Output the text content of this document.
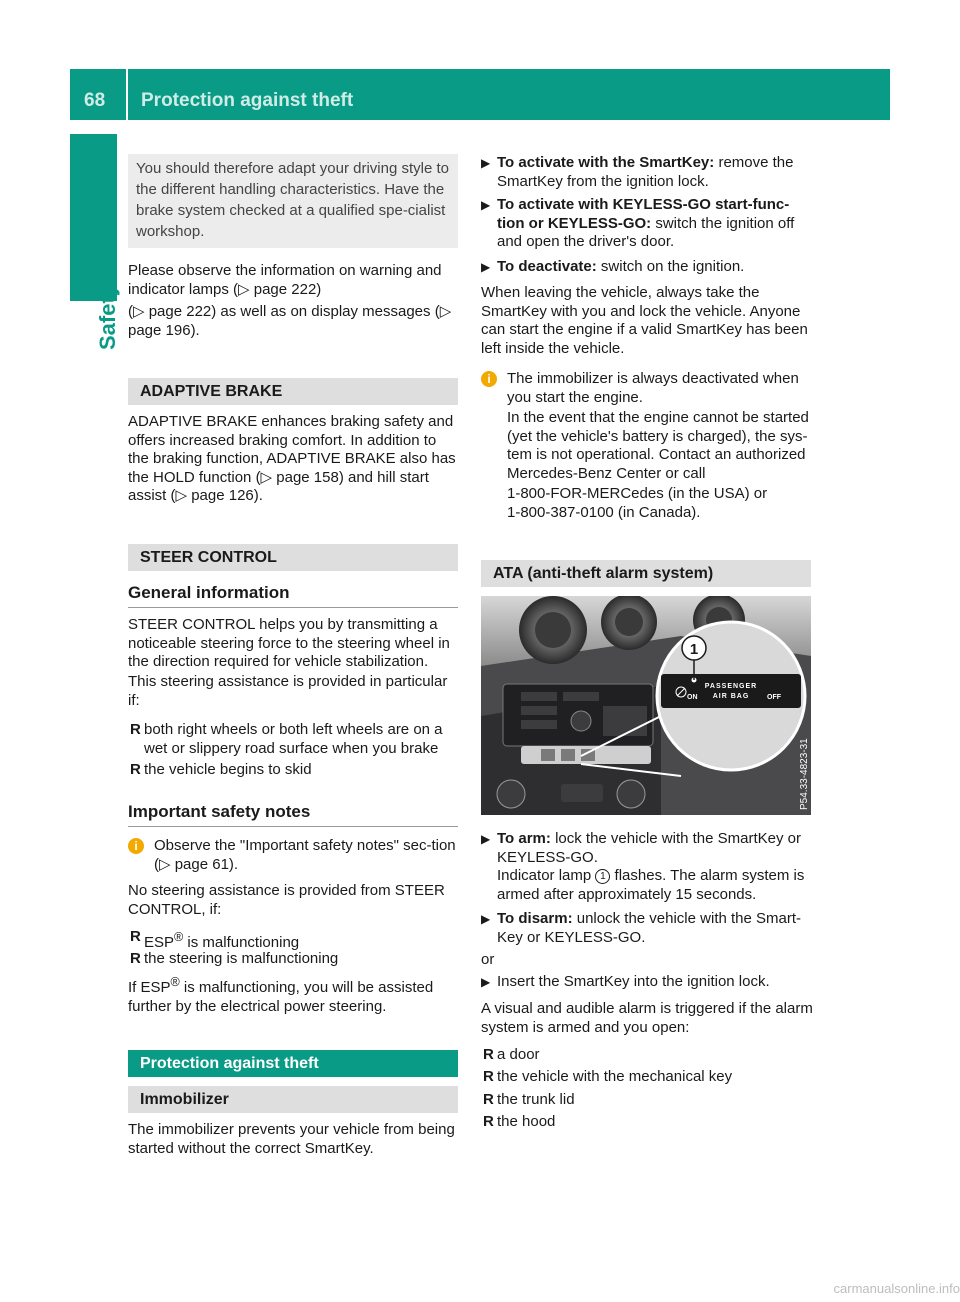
68 Protection against theft
Safety
You should therefore adapt your driving style to the different handling characteristics. Have the brake system checked at a qualified spe-cialist workshop.

Please observe the information on warning and indicator lamps (▷ page 222)

(▷ page 222) as well as on display messages (▷ page 196).

ADAPTIVE BRAKE

ADAPTIVE BRAKE enhances braking safety and offers increased braking comfort. In addition to the braking function, ADAPTIVE BRAKE also has the HOLD function (▷ page 158) and hill start assist (▷ page 126).

STEER CONTROL
General information

STEER CONTROL helps you by transmitting a noticeable steering force to the steering wheel in the direction required for vehicle stabilization.

This steering assistance is provided in particular if:

R both right wheels or both left wheels are on a wet or slippery road surface when you brake
R the vehicle begins to skid
Important safety notes
i	Observe the "Important safety notes" sec-tion (▷ page 61).

No steering assistance is provided from STEER CONTROL, if:

R ESP® is malfunctioning
R the steering is malfunctioning

If ESP® is malfunctioning, you will be assisted further by the electrical power steering.

Protection against theft
Immobilizer

The immobilizer prevents your vehicle from being started without the correct SmartKey.

▶ To activate with the SmartKey: remove the SmartKey from the ignition lock.
▶ To activate with KEYLESS-GO start-func-tion or KEYLESS-GO: switch the ignition off and open the driver's door.
▶ To deactivate: switch on the ignition.

When leaving the vehicle, always take the SmartKey with you and lock the vehicle. Anyone can start the engine if a valid SmartKey has been left inside the vehicle.

i	The immobilizer is always deactivated when you start the engine.

In the event that the engine cannot be started (yet the vehicle's battery is charged), the sys-tem is not operational. Contact an authorized Mercedes-Benz Center or call

1-800-FOR-MERCedes (in the USA) or

1-800-387-0100 (in Canada).

ATA (anti-theft alarm system)
1
ON
PASSENGER
AIR BAG	OFF
P54.33-4823-31
▶ To arm: lock the vehicle with the SmartKey or KEYLESS-GO.
Indicator lamp 1 flashes. The alarm system is armed after approximately 15 seconds.
▶ To disarm: unlock the vehicle with the Smart-Key or KEYLESS-GO.

or

▶ Insert the SmartKey into the ignition lock.

A visual and audible alarm is triggered if the alarm system is armed and you open:

R a door
R the vehicle with the mechanical key
R the trunk lid
R the hood
carmanualsonline.info
